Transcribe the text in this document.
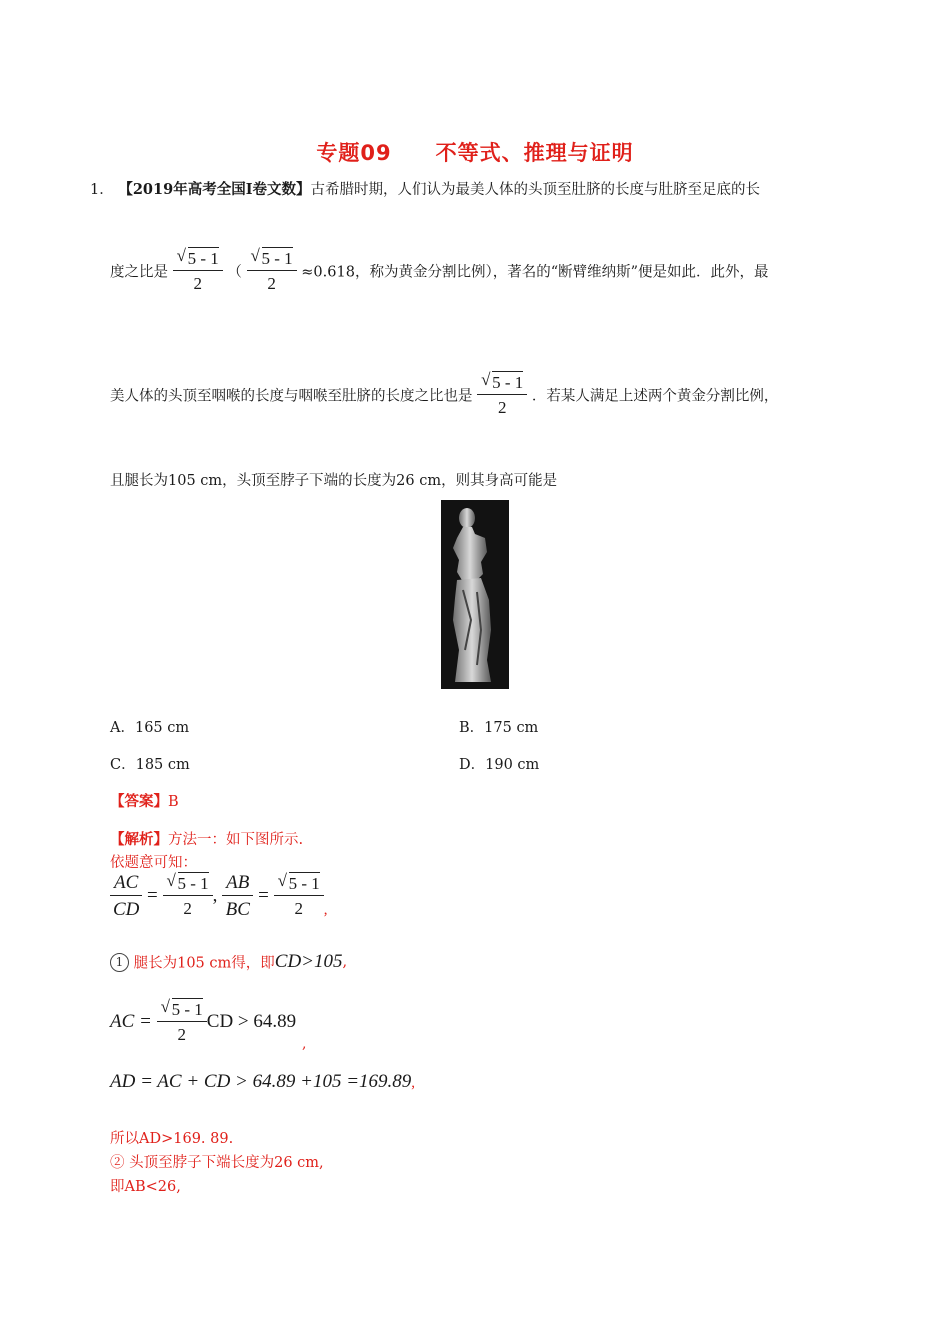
专题09 不等式、推理与证明
1． 【2019年高考全国Ⅰ卷文数】古希腊时期，人们认为最美人体的头顶至肚脐的长度与肚脐至足底的长
度之比是 $\frac{√ 5 - 1}{2}$ （ $\frac{√ 5 - 1}{2} \approx 0.618$，称为黄金分割比例），著名的“断臂维纳斯”便是如此．此外，最
美人体的头顶至咽喉的长度与咽喉至肚脐的长度之比也是 $\frac{√ 5 - 1}{2}$ ．若某人满足上述两个黄金分割比例，
且腿长为105 cm，头顶至脖子下端的长度为26 cm，则其身高可能是
A．165 cm	B．175 cm
C．185 cm	D．190 cm
【答案】B
【解析】方法一：如下图所示.
依题意可知：
$\frac{AC}{CD} = \frac{√ 5 - 1}{2}$ , $\frac{AB}{BC} = \frac{√ 5 - 1}{2}$ ,
1 腿长为105 cm得，即CD>105,
AC = $\frac{√ 5 - 1}{2}$ CD > 64.89
,
AD = AC + CD > 64.89 +105 =169.89,
所以AD>169. 89.
② 头顶至脖子下端长度为26 cm,
即AB<26,
